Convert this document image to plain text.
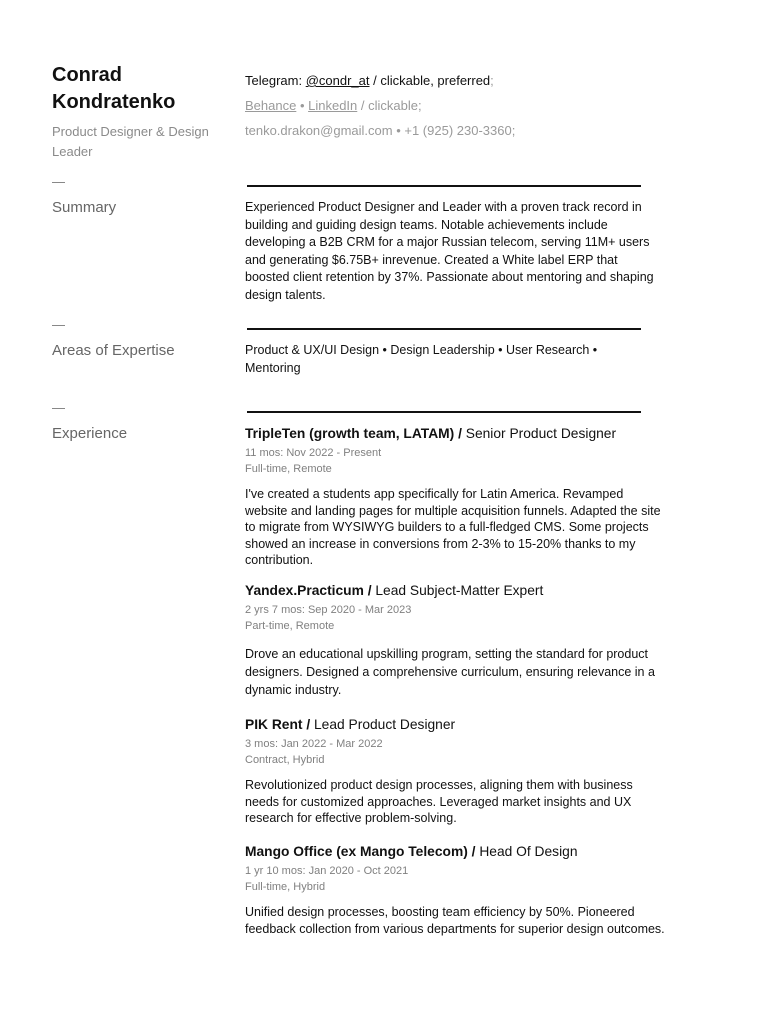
Conrad Kondratenko
Product Designer & Design Leader
Telegram: @condr_at / clickable, preferred;
Behance • LinkedIn / clickable;
tenko.drakon@gmail.com • +1 (925) 230-3360;
—
Summary	Experienced Product Designer and Leader with a proven track record in building and guiding design teams. Notable achievements include developing a B2B CRM for a major Russian telecom, serving 11M+ users and generating $6.75B+ inrevenue. Created a White label ERP that boosted client retention by 37%. Passionate about mentoring and shaping design talents.
—
Areas of Expertise	Product & UX/UI Design • Design Leadership • User Research • Mentoring
—
Experience	TripleTen (growth team, LATAM) / Senior Product Designer
11 mos: Nov 2022 - Present
Full-time, Remote
I've created a students app specifically for Latin America. Revamped website and landing pages for multiple acquisition funnels. Adapted the site to migrate from WYSIWYG builders to a full-fledged CMS. Some projects showed an increase in conversions from 2-3% to 15-20% thanks to my contribution.
Yandex.Practicum / Lead Subject-Matter Expert
2 yrs 7 mos: Sep 2020 - Mar 2023
Part-time, Remote
Drove an educational upskilling program, setting the standard for product designers. Designed a comprehensive curriculum, ensuring relevance in a dynamic industry.
PIK Rent / Lead Product Designer
3 mos: Jan 2022 - Mar 2022
Contract, Hybrid
Revolutionized product design processes, aligning them with business needs for customized approaches. Leveraged market insights and UX research for effective problem-solving.
Mango Office (ex Mango Telecom) / Head Of Design
1 yr 10 mos: Jan 2020 - Oct 2021
Full-time, Hybrid
Unified design processes, boosting team efficiency by 50%. Pioneered feedback collection from various departments for superior design outcomes.
